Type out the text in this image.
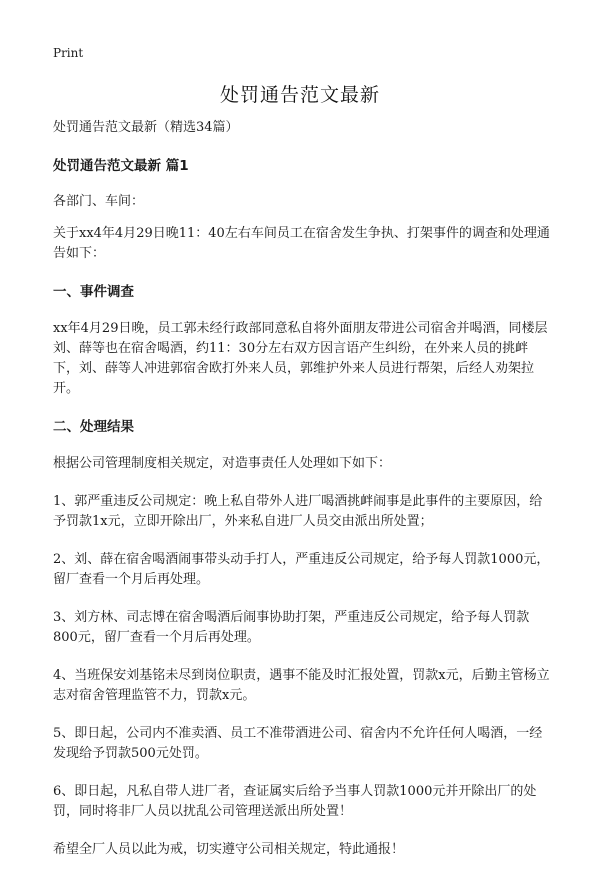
Print
处罚通告范文最新

处罚通告范文最新（精选34篇）

处罚通告范文最新 篇1

各部门、车间：

关于xx4年4月29日晚11：40左右车间员工在宿舍发生争执、打架事件的调查和处理通告如下：

一、事件调查

xx年4月29日晚，员工郭未经行政部同意私自将外面朋友带进公司宿舍并喝酒，同楼层刘、薛等也在宿舍喝酒，约11：30分左右双方因言语产生纠纷，在外来人员的挑衅下，刘、薛等人冲进郭宿舍欧打外来人员，郭维护外来人员进行帮架，后经人劝架拉开。

二、处理结果

根据公司管理制度相关规定，对造事责任人处理如下如下：

1、郭严重违反公司规定：晚上私自带外人进厂喝酒挑衅闹事是此事件的主要原因，给予罚款1x元，立即开除出厂，外来私自进厂人员交由派出所处置；

2、刘、薛在宿舍喝酒闹事带头动手打人，严重违反公司规定，给予每人罚款1000元，留厂查看一个月后再处理。

3、刘方林、司志博在宿舍喝酒后闹事协助打架，严重违反公司规定，给予每人罚款800元，留厂查看一个月后再处理。

4、当班保安刘基铭未尽到岗位职责，遇事不能及时汇报处置，罚款x元，后勤主管杨立志对宿舍管理监管不力，罚款x元。

5、即日起，公司内不准卖酒、员工不准带酒进公司、宿舍内不允许任何人喝酒，一经发现给予罚款500元处罚。

6、即日起，凡私自带人进厂者，查证属实后给予当事人罚款1000元并开除出厂的处罚，同时将非厂人员以扰乱公司管理送派出所处置！

希望全厂人员以此为戒，切实遵守公司相关规定，特此通报！
